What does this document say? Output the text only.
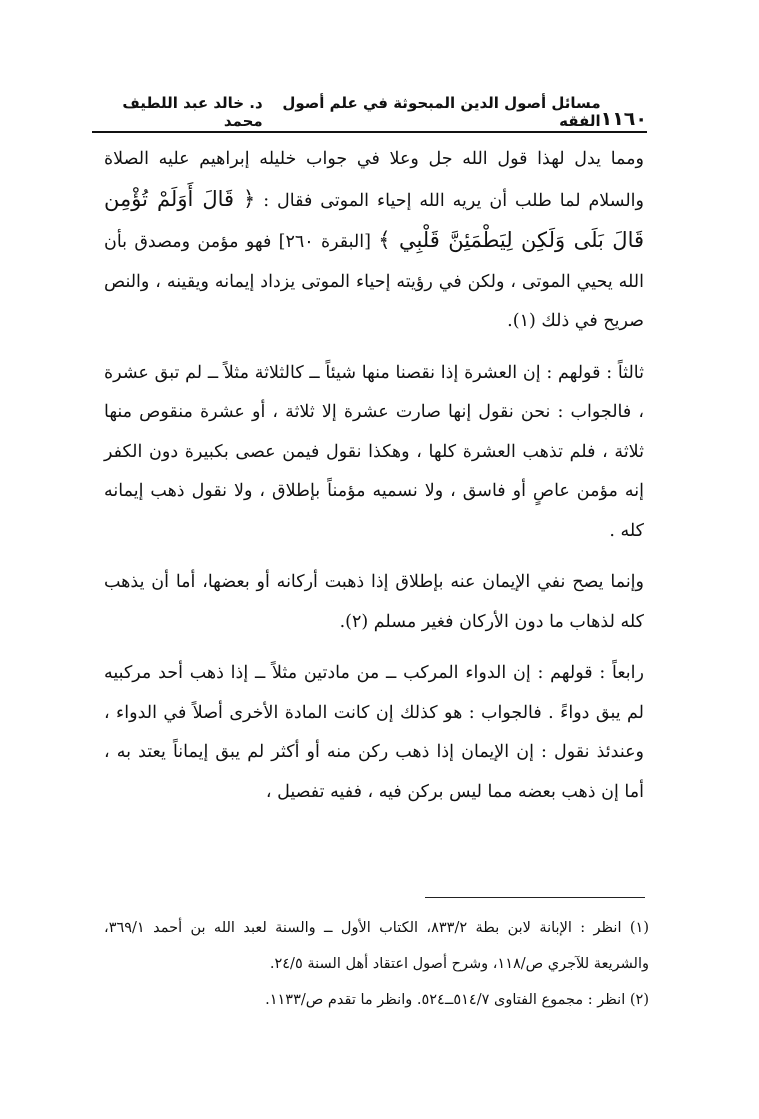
١١٦٠
مسائل أصول الدين المبحوثة في علم أصول الفقه
د. خالد عبد اللطيف محمد

ومما يدل لهذا قول الله جل وعلا في جواب خليله إبراهيم عليه الصلاة والسلام لما طلب أن يريه الله إحياء الموتى فقال : ﴿ قَالَ أَوَلَمْ تُؤْمِن قَالَ بَلَى وَلَكِن لِيَطْمَئِنَّ قَلْبِي ﴾ [البقرة ٢٦٠] فهو مؤمن ومصدق بأن الله يحيي الموتى ، ولكن في رؤيته إحياء الموتى يزداد إيمانه ويقينه ، والنص صريح في ذلك (١).

ثالثاً : قولهم : إن العشرة إذا نقصنا منها شيئاً ــ كالثلاثة مثلاً ــ لم تبق عشرة ، فالجواب : نحن نقول إنها صارت عشرة إلا ثلاثة ، أو عشرة منقوص منها ثلاثة ، فلم تذهب العشرة كلها ، وهكذا نقول فيمن عصى بكبيرة دون الكفر إنه مؤمن عاصٍ أو فاسق ، ولا نسميه مؤمناً بإطلاق ، ولا نقول ذهب إيمانه كله .

وإنما يصح نفي الإيمان عنه بإطلاق إذا ذهبت أركانه أو بعضها، أما أن يذهب كله لذهاب ما دون الأركان فغير مسلم (٢).

رابعاً : قولهم : إن الدواء المركب ــ من مادتين مثلاً ــ إذا ذهب أحد مركبيه لم يبق دواءً . فالجواب : هو كذلك إن كانت المادة الأخرى أصلاً في الدواء ، وعندئذ نقول : إن الإيمان إذا ذهب ركن منه أو أكثر لم يبق إيماناً يعتد به ، أما إن ذهب بعضه مما ليس بركن فيه ، ففيه تفصيل ،

(١) انظر : الإبانة لابن بطة ٨٣٣/٢، الكتاب الأول ــ والسنة لعبد الله بن أحمد ٣٦٩/١، والشريعة للآجري ص/١١٨، وشرح أصول اعتقاد أهل السنة ٢٤/٥.

(٢) انظر : مجموع الفتاوى ٥١٤/٧ــ٥٢٤. وانظر ما تقدم ص/١١٣٣.
